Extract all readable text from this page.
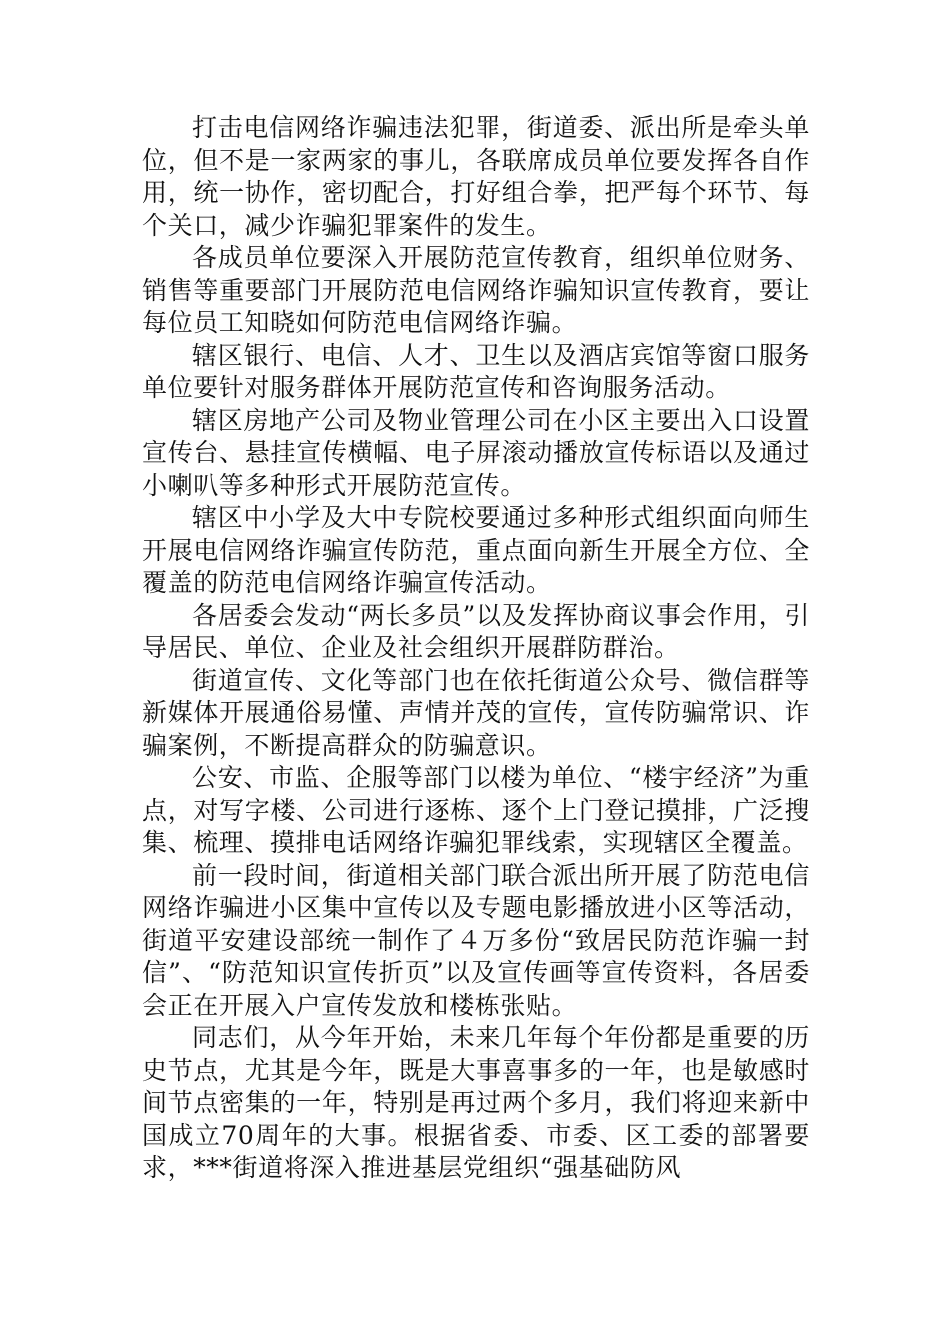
打击电信网络诈骗违法犯罪，街道委、派出所是牵头单位，但不是一家两家的事儿，各联席成员单位要发挥各自作用，统一协作，密切配合，打好组合拳，把严每个环节、每个关口，减少诈骗犯罪案件的发生。

各成员单位要深入开展防范宣传教育，组织单位财务、销售等重要部门开展防范电信网络诈骗知识宣传教育，要让每位员工知晓如何防范电信网络诈骗。

辖区银行、电信、人才、卫生以及酒店宾馆等窗口服务单位要针对服务群体开展防范宣传和咨询服务活动。

辖区房地产公司及物业管理公司在小区主要出入口设置宣传台、悬挂宣传横幅、电子屏滚动播放宣传标语以及通过小喇叭等多种形式开展防范宣传。

辖区中小学及大中专院校要通过多种形式组织面向师生开展电信网络诈骗宣传防范，重点面向新生开展全方位、全覆盖的防范电信网络诈骗宣传活动。

各居委会发动“两长多员”以及发挥协商议事会作用，引导居民、单位、企业及社会组织开展群防群治。

街道宣传、文化等部门也在依托街道公众号、微信群等新媒体开展通俗易懂、声情并茂的宣传，宣传防骗常识、诈骗案例，不断提高群众的防骗意识。

公安、市监、企服等部门以楼为单位、“楼宇经济”为重点，对写字楼、公司进行逐栋、逐个上门登记摸排，广泛搜集、梳理、摸排电话网络诈骗犯罪线索，实现辖区全覆盖。

前一段时间，街道相关部门联合派出所开展了防范电信网络诈骗进小区集中宣传以及专题电影播放进小区等活动，街道平安建设部统一制作了４万多份“致居民防范诈骗一封信”、“防范知识宣传折页”以及宣传画等宣传资料，各居委会正在开展入户宣传发放和楼栋张贴。

同志们，从今年开始，未来几年每个年份都是重要的历史节点，尤其是今年，既是大事喜事多的一年，也是敏感时间节点密集的一年，特别是再过两个多月，我们将迎来新中国成立70周年的大事。根据省委、市委、区工委的部署要求，***街道将深入推进基层党组织“强基础防风
